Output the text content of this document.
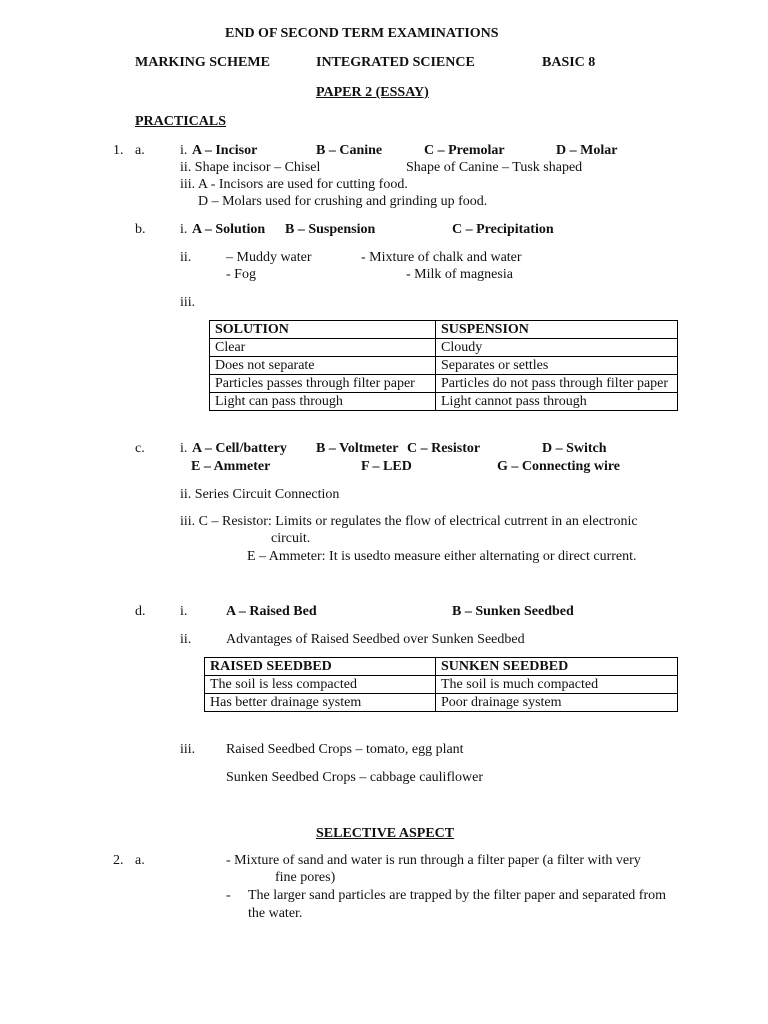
END OF SECOND TERM EXAMINATIONS
MARKING SCHEME	INTEGRATED SCIENCE	BASIC 8
PAPER 2 (ESSAY)
PRACTICALS
1. a.	i. A – Incisor	B – Canine	C – Premolar	D – Molar
ii. Shape incisor – Chisel	Shape of Canine – Tusk shaped
iii. A - Incisors are used for cutting food.
D – Molars used for crushing and grinding up food.
b. i. A – Solution B – Suspension	C – Precipitation
ii. – Muddy water	- Mixture of chalk and water
- Fog	- Milk of magnesia
iii.
SOLUTION	SUSPENSION
Clear	Cloudy
Does not separate	Separates or settles
Particles passes through filter paper	Particles do not pass through filter paper
Light can pass through	Light cannot pass through
c.	i. A – Cell/battery B – Voltmeter C – Resistor	D – Switch
E – Ammeter	F – LED	G – Connecting wire
ii. Series Circuit Connection
iii. C – Resistor: Limits or regulates the flow of electrical cutrrent in an electronic
circuit.
E – Ammeter: It is usedto measure either alternating or direct current.
d. i.	A – Raised Bed	B – Sunken Seedbed
ii. Advantages of Raised Seedbed over Sunken Seedbed
RAISED SEEDBED	SUNKEN SEEDBED
The soil is less compacted	The soil is much compacted
Has better drainage system	Poor drainage system
iii. Raised Seedbed Crops – tomato, egg plant
Sunken Seedbed Crops – cabbage cauliflower
SELECTIVE ASPECT
2. a.	- Mixture of sand and water is run through a filter paper (a filter with very
fine pores)
- The larger sand particles are trapped by the filter paper and separated from
the water.
